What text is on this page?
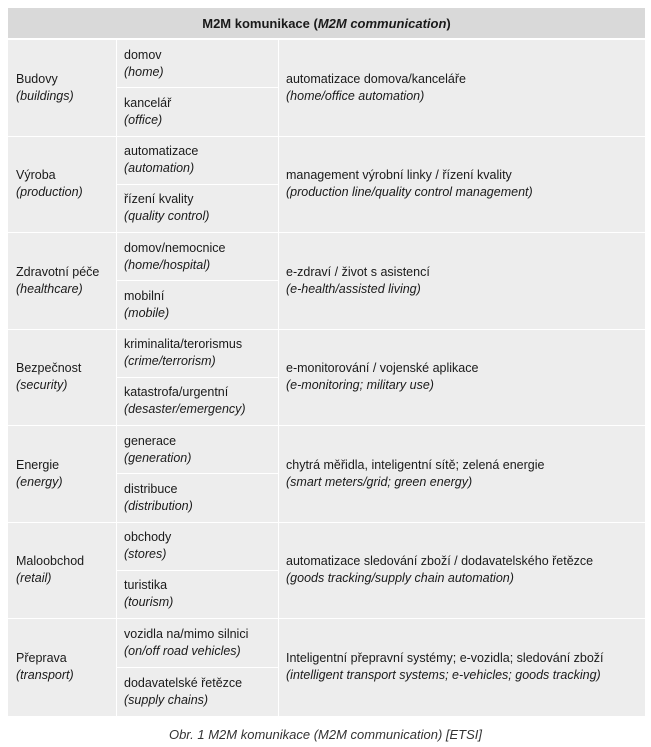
M2M komunikace ( M2M communication )
Budovy
(buildings)
domov
(home)
kancelář
(office)
automatizace domova/kanceláře
(home/office automation)
Výroba
(production)
automatizace
(automation)
řízení kvality
(quality control)
management výrobní linky / řízení kvality
(production line/quality control management)
Zdravotní péče
(healthcare)
domov/nemocnice
(home/hospital)
mobilní
(mobile)
e-zdraví / život s asistencí
(e-health/assisted living)
Bezpečnost
(security)
kriminalita/terorismus
(crime/terrorism)
katastrofa/urgentní
(desaster/emergency)
e-monitorování / vojenské aplikace
(e-monitoring; military use)
Energie
(energy)
generace
(generation)
distribuce
(distribution)
chytrá měřidla, inteligentní sítě; zelená energie
(smart meters/grid; green energy)
Maloobchod
(retail)
obchody
(stores)
turistika
(tourism)
automatizace sledování zboží / dodavatelského řetězce
(goods tracking/supply chain automation)
Přeprava
(transport)
vozidla na/mimo silnici
(on/off road vehicles)
dodavatelské řetězce
(supply chains)
Inteligentní přepravní systémy; e-vozidla; sledování zboží
(intelligent transport systems; e-vehicles; goods tracking)
Obr. 1 M2M komunikace (M2M communication) [ETSI]
